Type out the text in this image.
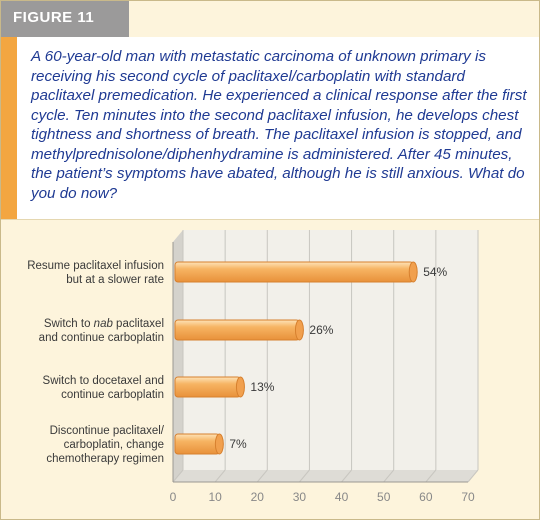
FIGURE 11

A 60-year-old man with metastatic carcinoma of unknown primary is receiving his second cycle of paclitaxel/carboplatin with standard paclitaxel premedication. He experienced a clinical response after the first cycle. Ten minutes into the second paclitaxel infusion, he develops chest tightness and shortness of breath. The paclitaxel infusion is stopped, and methylprednisolone/diphenhydramine is administered. After 45 minutes, the patient’s symptoms have abated, although he is still anxious. What do you do now?

0	10 20 30 40 50 60 70
54%
Resume paclitaxel infusion but at a slower rate
26%
Switch to nab paclitaxel and continue carboplatin
13%
Switch to docetaxel and continue carboplatin
7%
Discontinue paclitaxel/ carboplatin, change chemotherapy regimen
